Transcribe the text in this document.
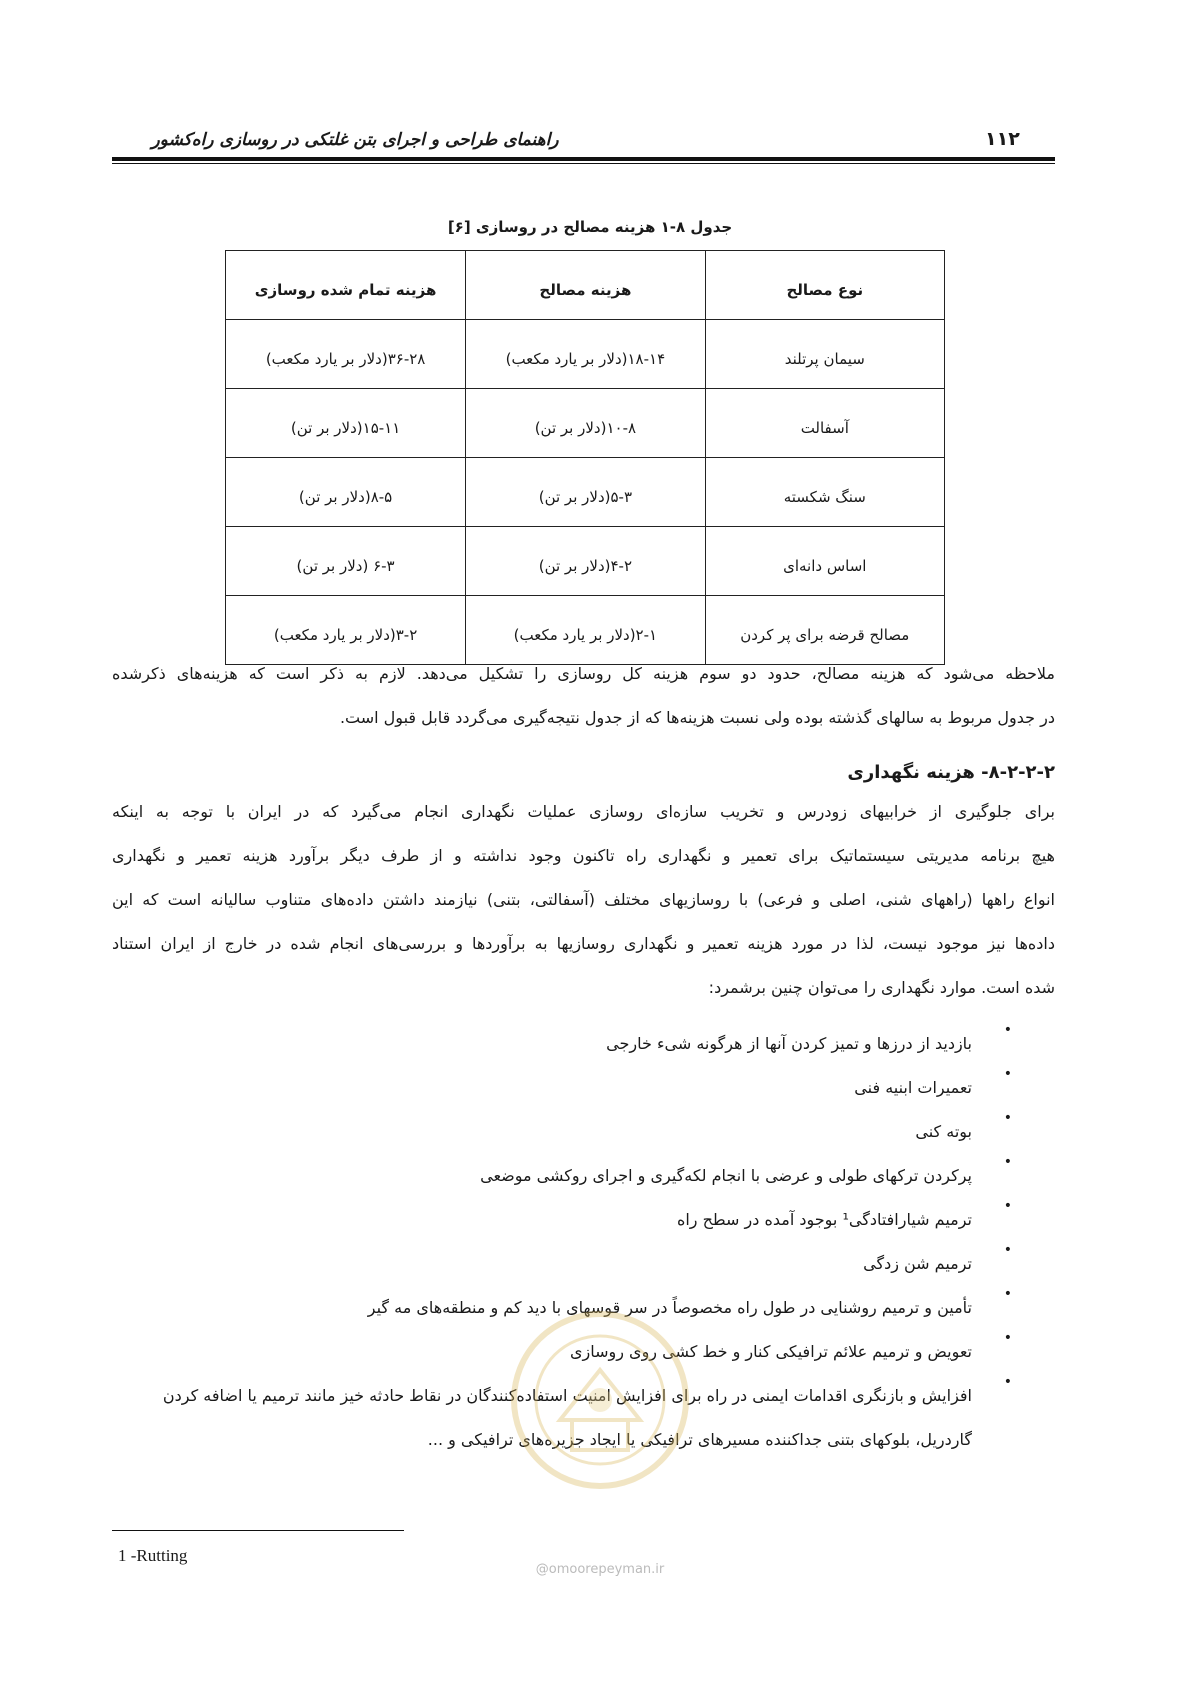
راهنمای طراحی و اجرای بتن غلتکی در روسازی راه‌کشور	۱۱۲
جدول ۸-۱ هزینه مصالح در روسازی [۶]
نوع مصالح	هزینه مصالح	هزینه تمام شده روسازی
سیمان پرتلند	۱۸-۱۴(دلار بر یارد مکعب)	۳۶-۲۸(دلار بر یارد مکعب)
آسفالت	۱۰-۸(دلار بر تن)	۱۵-۱۱(دلار بر تن)
سنگ شکسته	۵-۳(دلار بر تن)	۸-۵(دلار بر تن)
اساس دانه‌ای	۴-۲(دلار بر تن)	۶-۳ (دلار بر تن)
مصالح قرضه برای پر کردن	۲-۱(دلار بر یارد مکعب)	۳-۲(دلار بر یارد مکعب)
ملاحظه می‌شود که هزینه مصالح، حدود دو سوم هزینه کل روسازی را تشکیل می‌دهد. لازم به ذکر است که هزینه‌های ذکرشده
در جدول مربوط به سالهای گذشته بوده ولی نسبت هزینه‌ها که از جدول نتیجه‌گیری می‌گردد قابل قبول است.
۸-۲-۲-۲- هزینه نگهداری
برای جلوگیری از خرابیهای زودرس و تخریب سازه‌ای روسازی عملیات نگهداری انجام می‌گیرد که در ایران با توجه به اینکه
هیچ برنامه مدیریتی سیستماتیک برای تعمیر و نگهداری راه تاکنون وجود نداشته و از طرف دیگر برآورد هزینه تعمیر و نگهداری
انواع راهها (راههای شنی، اصلی و فرعی) با روسازیهای مختلف (آسفالتی، بتنی) نیازمند داشتن داده‌های متناوب سالیانه است که این
داده‌ها نیز موجود نیست، لذا در مورد هزینه تعمیر و نگهداری روسازیها به برآوردها و بررسی‌های انجام شده در خارج از ایران استناد
شده است. موارد نگهداری را می‌توان چنین برشمرد:
•
بازدید از درزها و تمیز کردن آنها از هرگونه شیء خارجی
•
تعمیرات ابنیه فنی
•
بوته کنی
•
پرکردن ترکهای طولی و عرضی با انجام لکه‌گیری و اجرای روکشی موضعی
•
ترمیم شیارافتادگی¹ بوجود آمده در سطح راه
•
ترمیم شن زدگی
•
تأمین و ترمیم روشنایی در طول راه مخصوصاً در سر قوسهای با دید کم و منطقه‌های مه گیر
•
تعویض و ترمیم علائم ترافیکی کنار و خط کشی روی روسازی
•
افزایش و بازنگری اقدامات ایمنی در راه برای افزایش امنیت استفاده‌کنندگان در نقاط حادثه خیز مانند ترمیم یا اضافه کردن گاردریل، بلوکهای بتنی جداکننده مسیرهای ترافیکی یا ایجاد جزیره‌های ترافیکی و ...
@omoorepeyman.ir
1 -Rutting
